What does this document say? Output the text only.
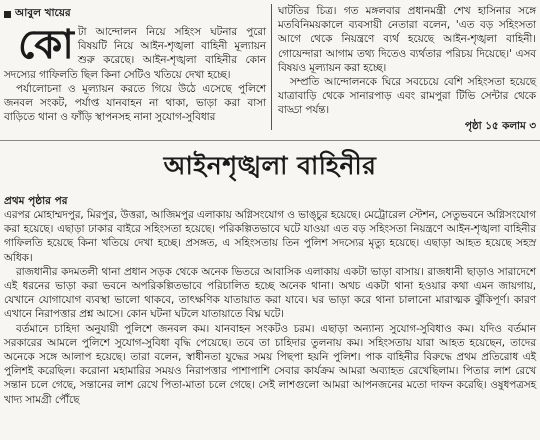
আবুল খায়ের
কো টা আন্দোলন নিয়ে সহিংস ঘটনার পুরো বিষয়টি নিয়ে আইন-শৃঙ্খলা বাহিনী মূল্যায়ন শুরু করেছে। আইন-শৃঙ্খলা বাহিনীর কোন সদস্যের গাফিলতি ছিল কিনা সেটিও খতিয়ে দেখা হচ্ছে।

পর্যালোচনা ও মূল্যায়ন করতে গিয়ে উঠে এসেছে পুলিশে জনবল সংকট, পর্যাপ্ত যানবাহন না থাকা, ভাড়া করা বাসা বাড়িতে থানা ও ফাঁড়ি স্থাপনসহ নানা সুযোগ-সুবিধার

ঘাটতির চিত্র। গত মঙ্গলবার প্রধানমন্ত্রী শেখ হাসিনার সঙ্গে মতবিনিময়কালে ব্যবসায়ী নেতারা বলেন, 'এত বড় সহিংসতা আগে থেকে নিয়ন্ত্রণে ব্যর্থ হয়েছে আইন-শৃঙ্খলা বাহিনী। গোয়েন্দারা আগাম তথ্য দিতেও ব্যর্থতার পরিচয় দিয়েছে।' এসব বিষয়ও মূল্যায়ন করা হচ্ছে।

সম্প্রতি আন্দোলনকে ঘিরে সবচেয়ে বেশি সহিংসতা হয়েছে যাত্রাবাড়ি থেকে সানারপাড় এবং রামপুরা টিভি সেন্টার থেকে বাড্ডা পর্যন্ত।

পৃষ্ঠা ১৫ কলাম ৩
আইনশৃঙ্খলা বাহিনীর
প্রথম পৃষ্ঠার পর

এরপর মোহাম্মদপুর, মিরপুর, উত্তরা, আজিমপুর এলাকায় অগ্নিসংযোগ ও ভাঙ্চুর হয়েছে। মেট্রোরেল স্টেশন, সেতুভবনে অগ্নিসংযোগ করা হয়েছে। এছাড়া ঢাকার বাইরে সহিংসতা হয়েছে। পরিকল্পিতভাবে ঘটে যাওয়া এত বড় সহিংসতা নিয়ন্ত্রণে আইন-শৃঙ্খলা বাহিনীর গাফিলতি হয়েছে কিনা খতিয়ে দেখা হচ্ছে। প্রসঙ্গত, এ সহিংসতায় তিন পুলিশ সদস্যের মৃত্যু হয়েছে। এছাড়া আহত হয়েছে সহস্র অধিক।

রাজধানীর কদমতলী থানা প্রধান সড়ক থেকে অনেক ভিতরে আবাসিক এলাকায় একটা ভাড়া বাসায়। রাজধানী ছাড়াও সারাদেশে এই ধরনের ভাড়া করা ভবনে অপরিকল্পিতভাবে পরিচালিত হচ্ছে অনেক থানা। অথচ একটা থানা হওয়ার কথা এমন জায়গায়, যেখানে যোগাযোগ ব্যবস্থা ভালো থাকবে, তাৎক্ষণিক যাতায়াত করা যাবে। ঘর ভাড়া করে থানা চালানো মারাত্মক ঝুঁকিপূর্ণ। কারণ এখানে নিরাপত্তার প্রশ্ন আসে। কোন ঘটনা ঘটলে যাতায়াতে বিঘ্ন ঘটে।

বর্তমানে চাহিদা অনুযায়ী পুলিশে জনবল কম। যানবাহন সংকটও চরম। এছাড়া অন্যান্য সুযোগ-সুবিধাও কম। যদিও বর্তমান সরকারের আমলে পুলিশে সুযোগ-সুবিধা বৃদ্ধি পেয়েছে। তবে তা চাহিদার তুলনায় কম। সহিংসতায় যারা আহত হয়েছেন, তাদের অনেকে সঙ্গে আলাপ হয়েছে। তারা বলেন, স্বাধীনতা যুদ্ধের সময় পিছপা হয়নি পুলিশ। পাক বাহিনীর বিরুদ্ধে প্রথম প্রতিরোধ এই পুলিশই করেছিল। করোনা মহামারির সময়ও নিরাপত্তার পাশাপাশি সেবার কার্যক্রম আমরা অব্যাহত রেখেছিলাম। পিতার লাশ রেখে সন্তান চলে গেছে, সন্তানের লাশ রেখে পিতা-মাতা চলে গেছে। সেই লাশগুলো আমরা আপনজনের মতো দাফন করেছি। ওষুধপত্রসহ খাদ্য সামগ্রী পৌঁছে
